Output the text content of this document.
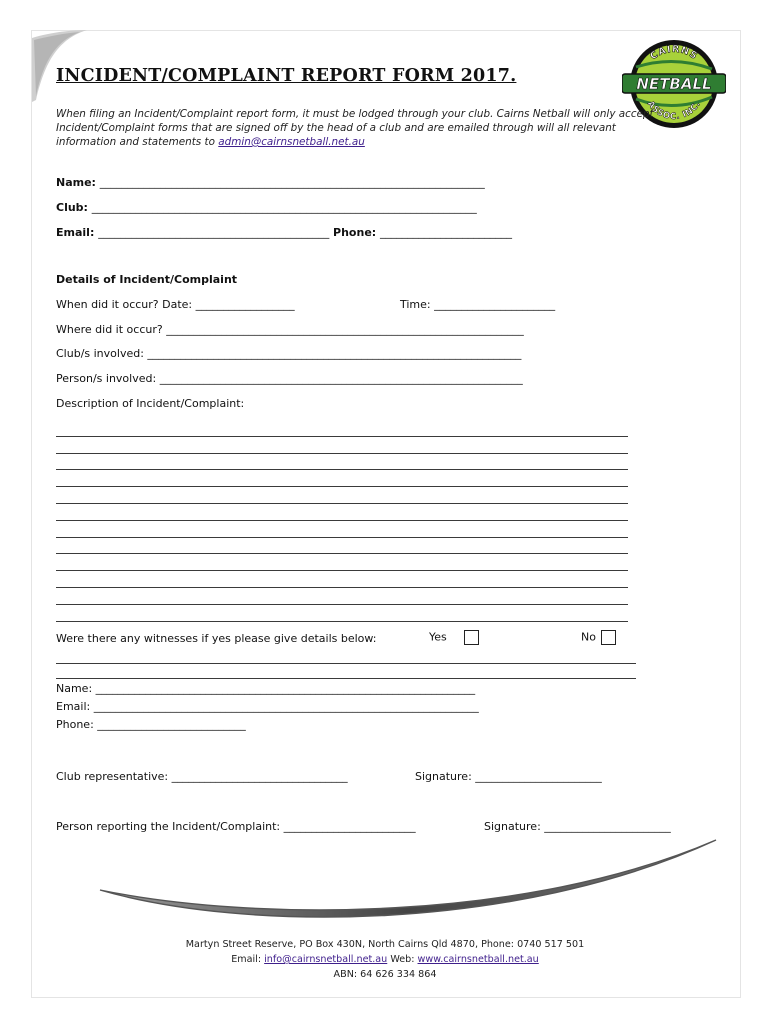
INCIDENT/COMPLAINT REPORT FORM 2017.
CAIRNS
NETBALL
ASSOC. INC.
When filing an Incident/Complaint report form, it must be lodged through your club. Cairns Netball will only accept Incident/Complaint forms that are signed off by the head of a club and are emailed through will all relevant information and statements to admin@cairnsnetball.net.au
Name: ______________________________________________________________________
Club: ______________________________________________________________________
Email: __________________________________________ Phone: ________________________
Details of Incident/Complaint
When did it occur? Date: __________________	Time: ______________________
Where did it occur? _________________________________________________________________
Club/s involved: ____________________________________________________________________
Person/s involved: __________________________________________________________________
Description of Incident/Complaint:
Were there any witnesses if yes please give details below:	Yes	No
Name: _____________________________________________________________________
Email: ______________________________________________________________________
Phone: ___________________________
Club representative: ________________________________	Signature: _______________________
Person reporting the Incident/Complaint: ________________________	Signature: _______________________
Martyn Street Reserve, PO Box 430N, North Cairns Qld 4870, Phone: 0740 517 501
Email: info@cairnsnetball.net.au Web: www.cairnsnetball.net.au
ABN: 64 626 334 864
